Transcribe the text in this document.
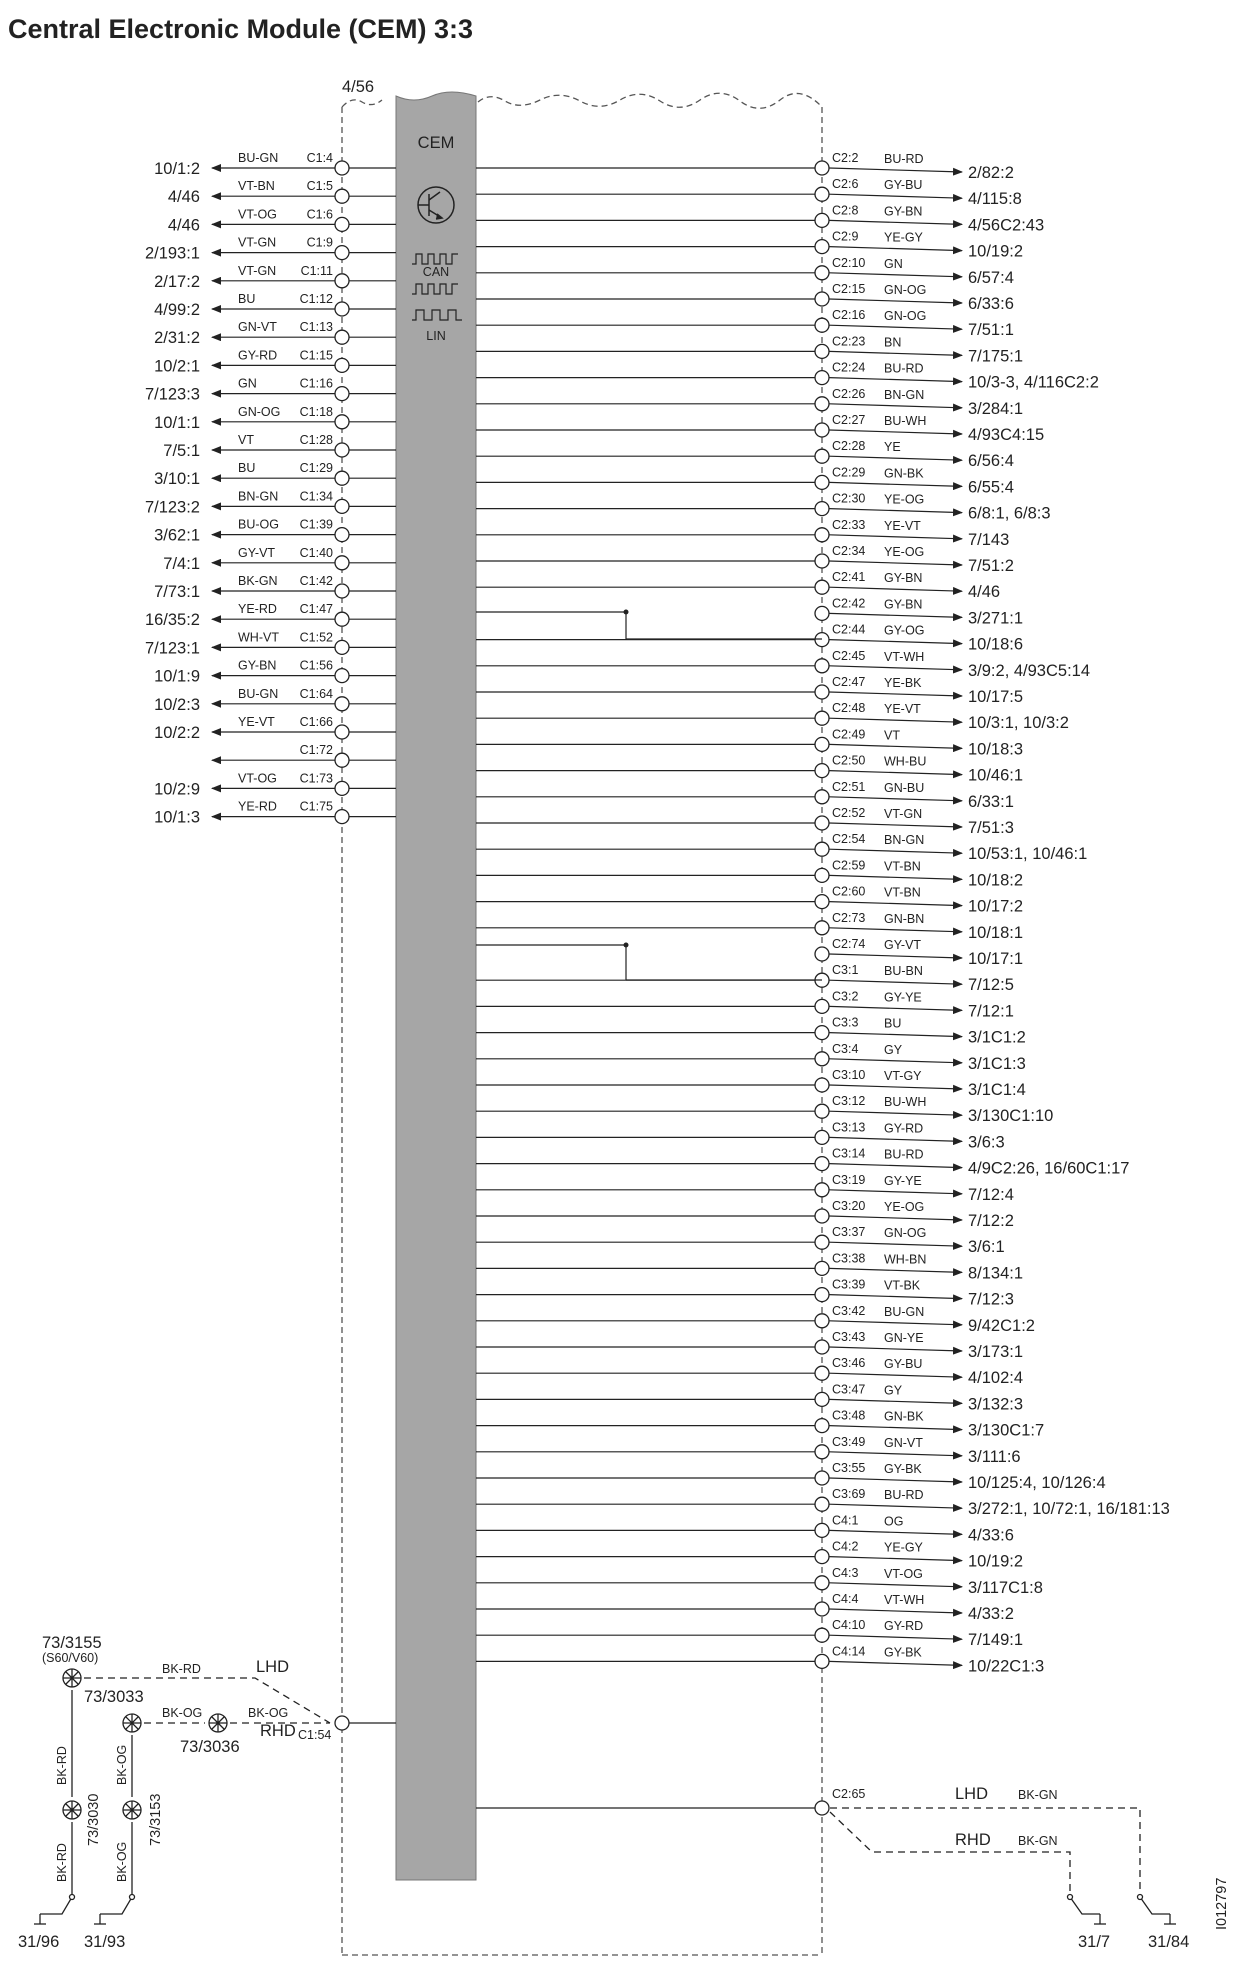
Central Electronic Module (CEM) 3:3
4/56
CEM
CAN
LIN
C1:4
BU-GN
10/1:2
C1:5
VT-BN
4/46
C1:6
VT-OG
4/46
C1:9
VT-GN
2/193:1
C1:11
VT-GN
2/17:2
C1:12
BU
4/99:2
C1:13
GN-VT
2/31:2
C1:15
GY-RD
10/2:1
C1:16
GN
7/123:3
C1:18
GN-OG
10/1:1
C1:28
VT
7/5:1
C1:29
BU
3/10:1
C1:34
BN-GN
7/123:2
C1:39
BU-OG
3/62:1
C1:40
GY-VT
7/4:1
C1:42
BK-GN
7/73:1
C1:47
YE-RD
16/35:2
C1:52
WH-VT
7/123:1
C1:56
GY-BN
10/1:9
C1:64
BU-GN
10/2:3
C1:66
YE-VT
10/2:2
C1:72
C1:73
VT-OG
10/2:9
C1:75
YE-RD
10/1:3
C2:2 BU-RD
2/82:2
C2:6 GY-BU
4/115:8
C2:8 GY-BN
4/56C2:43
C2:9 YE-GY
10/19:2
C2:10 GN
6/57:4
C2:15 GN-OG
6/33:6
C2:16 GN-OG
7/51:1
C2:23 BN
7/175:1
C2:24 BU-RD
10/3-3, 4/116C2:2
C2:26 BN-GN
3/284:1
C2:27 BU-WH
4/93C4:15
C2:28 YE
6/56:4
C2:29 GN-BK
6/55:4
C2:30 YE-OG
6/8:1, 6/8:3
C2:33 YE-VT
7/143
C2:34 YE-OG
7/51:2
C2:41 GY-BN
4/46
C2:42 GY-BN
3/271:1
C2:44 GY-OG
10/18:6
C2:45 VT-WH
3/9:2, 4/93C5:14
C2:47 YE-BK
10/17:5
C2:48 YE-VT
10/3:1, 10/3:2
C2:49 VT
10/18:3
C2:50 WH-BU
10/46:1
C2:51 GN-BU
6/33:1
C2:52 VT-GN
7/51:3
C2:54 BN-GN
10/53:1, 10/46:1
C2:59 VT-BN
10/18:2
C2:60 VT-BN
10/17:2
C2:73 GN-BN
10/18:1
C2:74 GY-VT
10/17:1
C3:1 BU-BN
7/12:5
C3:2 GY-YE
7/12:1
C3:3 BU
3/1C1:2
C3:4 GY
3/1C1:3
C3:10 VT-GY
3/1C1:4
C3:12 BU-WH
3/130C1:10
C3:13 GY-RD
3/6:3
C3:14 BU-RD
4/9C2:26, 16/60C1:17
C3:19 GY-YE
7/12:4
C3:20 YE-OG
7/12:2
C3:37 GN-OG
3/6:1
C3:38 WH-BN
8/134:1
C3:39 VT-BK
7/12:3
C3:42 BU-GN
9/42C1:2
C3:43 GN-YE
3/173:1
C3:46 GY-BU
4/102:4
C3:47 GY
3/132:3
C3:48 GN-BK
3/130C1:7
C3:49 GN-VT
3/111:6
C3:55 GY-BK
10/125:4, 10/126:4
C3:69 BU-RD
3/272:1, 10/72:1, 16/181:13
C4:1 OG
4/33:6
C4:2 YE-GY
10/19:2
C4:3 VT-OG
3/117C1:8
C4:4 VT-WH
4/33:2
C4:10 GY-RD
7/149:1
C4:14 GY-BK
10/22C1:3
C1:54
LHD
RHD
BK-RD
BK-OG	BK-OG
73/3155
(S60/V60)
73/3033
73/3036
73/3030	73/3153
BK-RD
BK-RD
BK-OG
BK-OG
31/96 31/93
C2:65	LHD BK-GN
RHD BK-GN
31/7 31/84
I012797
